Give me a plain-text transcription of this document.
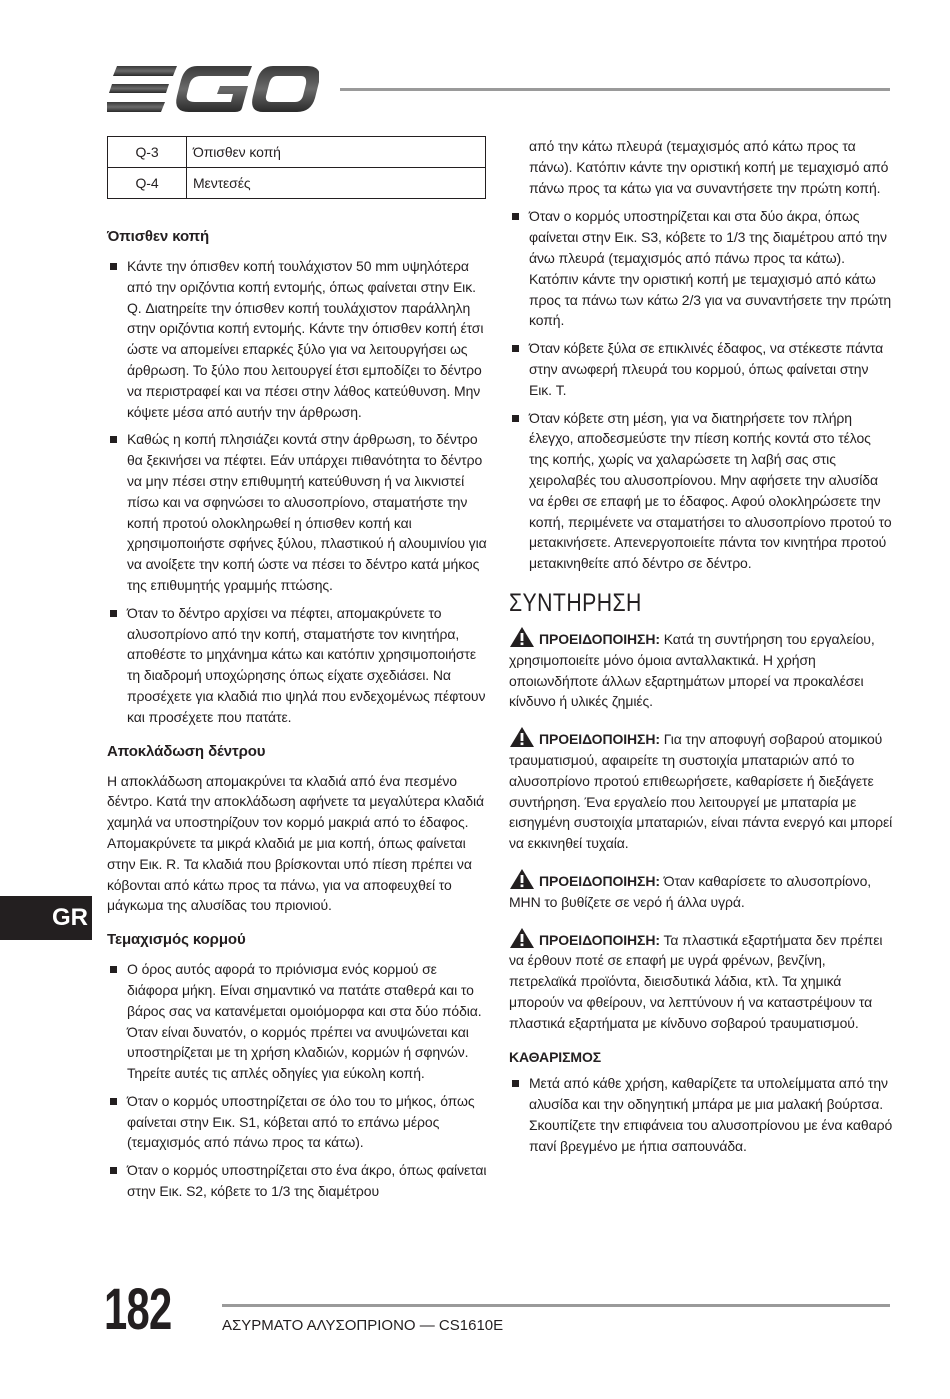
Q-3	Όπισθεν κοπή
Q-4	Μεντεσές
Όπισθεν κοπή
Κάντε την όπισθεν κοπή τουλάχιστον 50 mm υψηλότερα από την οριζόντια κοπή εντομής, όπως φαίνεται στην Εικ. Q. Διατηρείτε την όπισθεν κοπή τουλάχιστον παράλληλη στην οριζόντια κοπή εντομής. Κάντε την όπισθεν κοπή έτσι ώστε να απομείνει επαρκές ξύλο για να λειτουργήσει ως άρθρωση. Το ξύλο που λειτουργεί έτσι εμποδίζει το δέντρο να περιστραφεί και να πέσει στην λάθος κατεύθυνση. Μην κόψετε μέσα από αυτήν την άρθρωση.
Καθώς η κοπή πλησιάζει κοντά στην άρθρωση, το δέντρο θα ξεκινήσει να πέφτει. Εάν υπάρχει πιθανότητα το δέντρο να μην πέσει στην επιθυμητή κατεύθυνση ή να λικνιστεί πίσω και να σφηνώσει το αλυσοπρίονο, σταματήστε την κοπή προτού ολοκληρωθεί η όπισθεν κοπή και χρησιμοποιήστε σφήνες ξύλου, πλαστικού ή αλουμινίου για να ανοίξετε την κοπή ώστε να πέσει το δέντρο κατά μήκος της επιθυμητής γραμμής πτώσης.
Όταν το δέντρο αρχίσει να πέφτει, απομακρύνετε το αλυσοπρίονο από την κοπή, σταματήστε τον κινητήρα, αποθέστε το μηχάνημα κάτω και κατόπιν χρησιμοποιήστε τη διαδρομή υποχώρησης όπως είχατε σχεδιάσει. Να προσέχετε για κλαδιά πιο ψηλά που ενδεχομένως πέφτουν και προσέχετε που πατάτε.
Αποκλάδωση δέντρου

Η αποκλάδωση απομακρύνει τα κλαδιά από ένα πεσμένο δέντρο. Κατά την αποκλάδωση αφήνετε τα μεγαλύτερα κλαδιά χαμηλά να υποστηρίζουν τον κορμό μακριά από το έδαφος. Απομακρύνετε τα μικρά κλαδιά με μια κοπή, όπως φαίνεται στην Εικ. R. Τα κλαδιά που βρίσκονται υπό πίεση πρέπει να κόβονται από κάτω προς τα πάνω, για να αποφευχθεί το μάγκωμα της αλυσίδας του πριονιού.

Τεμαχισμός κορμού
Ο όρος αυτός αφορά το πριόνισμα ενός κορμού σε διάφορα μήκη. Είναι σημαντικό να πατάτε σταθερά και το βάρος σας να κατανέμεται ομοιόμορφα και στα δύο πόδια. Όταν είναι δυνατόν, ο κορμός πρέπει να ανυψώνεται και υποστηρίζεται με τη χρήση κλαδιών, κορμών ή σφηνών. Τηρείτε αυτές τις απλές οδηγίες για εύκολη κοπή.
Όταν ο κορμός υποστηρίζεται σε όλο του το μήκος, όπως φαίνεται στην Εικ. S1, κόβεται από το επάνω μέρος (τεμαχισμός από πάνω προς τα κάτω).
Όταν ο κορμός υποστηρίζεται στο ένα άκρο, όπως φαίνεται στην Εικ. S2, κόβετε το 1/3 της διαμέτρου

από την κάτω πλευρά (τεμαχισμός από κάτω προς τα πάνω). Κατόπιν κάντε την οριστική κοπή με τεμαχισμό από πάνω προς τα κάτω για να συναντήσετε την πρώτη κοπή.

Όταν ο κορμός υποστηρίζεται και στα δύο άκρα, όπως φαίνεται στην Εικ. S3, κόβετε το 1/3 της διαμέτρου από την άνω πλευρά (τεμαχισμός από πάνω προς τα κάτω). Κατόπιν κάντε την οριστική κοπή με τεμαχισμό από κάτω προς τα πάνω των κάτω 2/3 για να συναντήσετε την πρώτη κοπή.
Όταν κόβετε ξύλα σε επικλινές έδαφος, να στέκεστε πάντα στην ανωφερή πλευρά του κορμού, όπως φαίνεται στην Εικ. T.
Όταν κόβετε στη μέση, για να διατηρήσετε τον πλήρη έλεγχο, αποδεσμεύστε την πίεση κοπής κοντά στο τέλος της κοπής, χωρίς να χαλαρώσετε τη λαβή σας στις χειρολαβές του αλυσοπρίονου. Μην αφήσετε την αλυσίδα να έρθει σε επαφή με το έδαφος. Αφού ολοκληρώσετε την κοπή, περιμένετε να σταματήσει το αλυσοπρίονο προτού το μετακινήσετε. Απενεργοποιείτε πάντα τον κινητήρα προτού μετακινηθείτε από δέντρο σε δέντρο.
ΣΥΝΤΗΡΗΣΗ
ΠΡΟΕΙΔΟΠΟΙΗΣΗ: Κατά τη συντήρηση του εργαλείου, χρησιμοποιείτε μόνο όμοια ανταλλακτικά. Η χρήση οποιωνδήποτε άλλων εξαρτημάτων μπορεί να προκαλέσει κίνδυνο ή υλικές ζημιές.
ΠΡΟΕΙΔΟΠΟΙΗΣΗ: Για την αποφυγή σοβαρού ατομικού τραυματισμού, αφαιρείτε τη συστοιχία μπαταριών από το αλυσοπρίονο προτού επιθεωρήσετε, καθαρίσετε ή διεξάγετε συντήρηση. Ένα εργαλείο που λειτουργεί με μπαταρία με εισηγμένη συστοιχία μπαταριών, είναι πάντα ενεργό και μπορεί να εκκινηθεί τυχαία.
ΠΡΟΕΙΔΟΠΟΙΗΣΗ: Όταν καθαρίσετε το αλυσοπρίονο, ΜΗΝ το βυθίζετε σε νερό ή άλλα υγρά.
ΠΡΟΕΙΔΟΠΟΙΗΣΗ: Τα πλαστικά εξαρτήματα δεν πρέπει να έρθουν ποτέ σε επαφή με υγρά φρένων, βενζίνη, πετρελαϊκά προϊόντα, διεισδυτικά λάδια, κτλ. Τα χημικά μπορούν να φθείρουν, να λεπτύνουν ή να καταστρέψουν τα πλαστικά εξαρτήματα με κίνδυνο σοβαρού τραυματισμού.
ΚΑΘΑΡΙΣΜΟΣ
Μετά από κάθε χρήση, καθαρίζετε τα υπολείμματα από την αλυσίδα και την οδηγητική μπάρα με μια μαλακή βούρτσα. Σκουπίζετε την επιφάνεια του αλυσοπρίονου με ένα καθαρό πανί βρεγμένο με ήπια σαπουνάδα.
GR
182	ΑΣΥΡΜΑΤΟ ΑΛΥΣΟΠΡΙΟΝΟ — CS1610E
